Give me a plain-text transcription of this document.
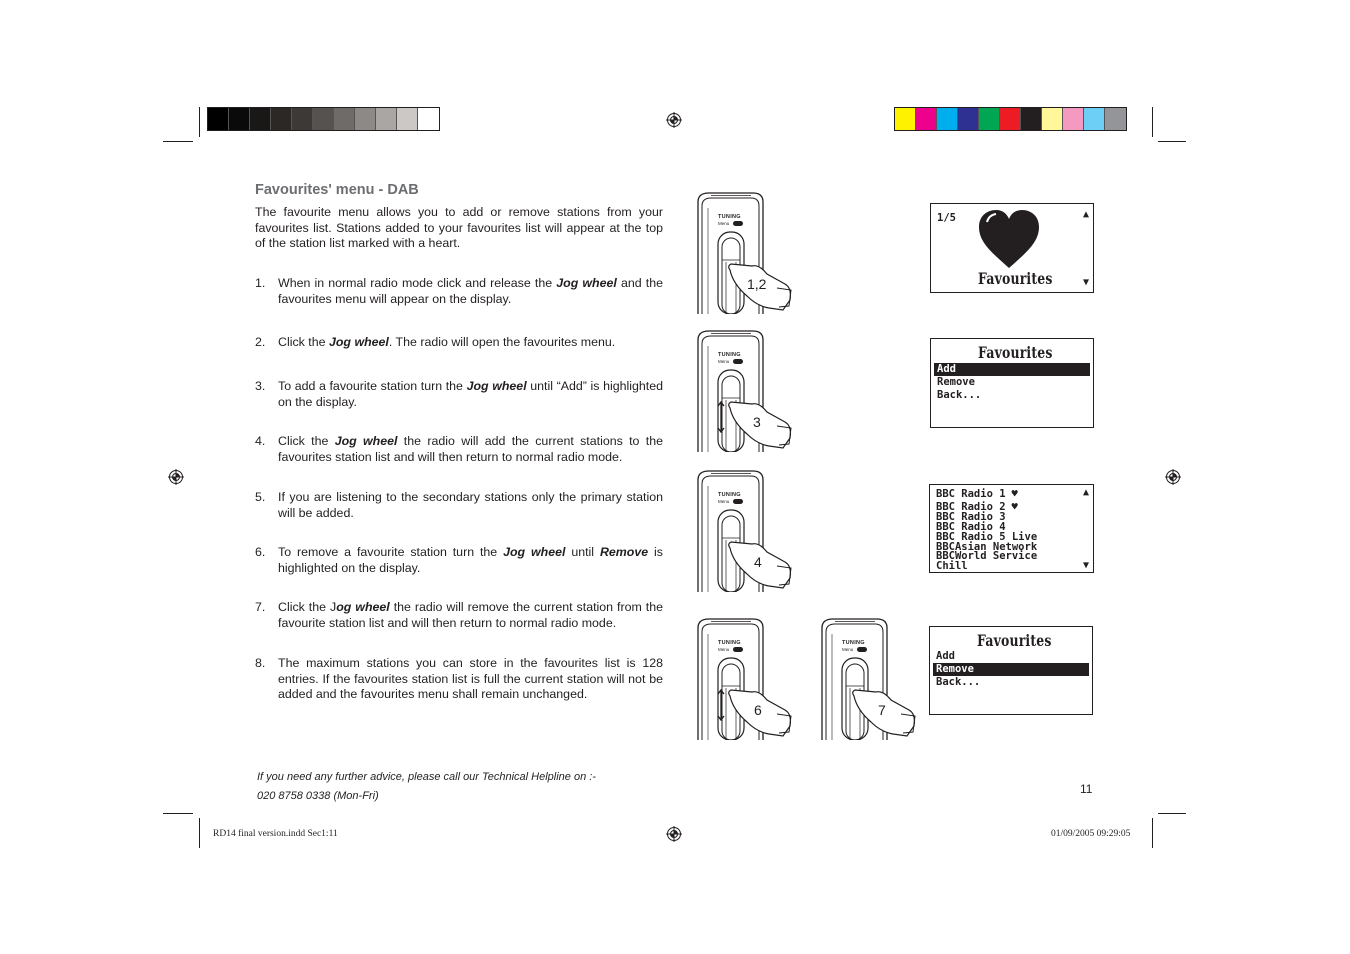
Favourites' menu - DAB
The favourite menu allows you to add or remove stations from your favourites list. Stations added to your favourites list will appear at the top of the station list marked with a heart.
1.	When in normal radio mode click and release the Jog wheel and the favourites menu will appear on the display.
2.	Click the Jog wheel. The radio will open the favourites menu.
3.	To add a favourite station turn the Jog wheel until “Add” is highlighted on the display.
4.	Click the Jog wheel the radio will add the current stations to the favourites station list and will then return to normal radio mode.
5.	If you are listening to the secondary stations only the primary station will be added.
6.	To remove a favourite station turn the Jog wheel until Remove is highlighted on the display.
7.	Click the Jog wheel the radio will remove the current station from the favourite station list and will then return to normal radio mode.
8.	The maximum stations you can store in the favourites list is 128 entries. If the favourites station list is full the current station will not be added and the favourites menu shall remain unchanged.
If you need any further advice, please call our Technical Helpline on :-
020 8758 0338 (Mon-Fri)	11
RD14 final version.indd Sec1:11	01/09/2005 09:29:05
1,2
TUNING
Menu
3
TUNING
Menu
4
TUNING
Menu
6
TUNING
Menu
7
TUNING
Menu
1/5
Favourites
▲
▼
Favourites
Add
Remove
Back...
▲
▼
BBC Radio 1 ♥
BBC Radio 2 ♥
BBC Radio 3
BBC Radio 4
BBC Radio 5 Live
BBCAsian Network
BBCWorld Service
Chill
Favourites
Add
Remove
Back...
